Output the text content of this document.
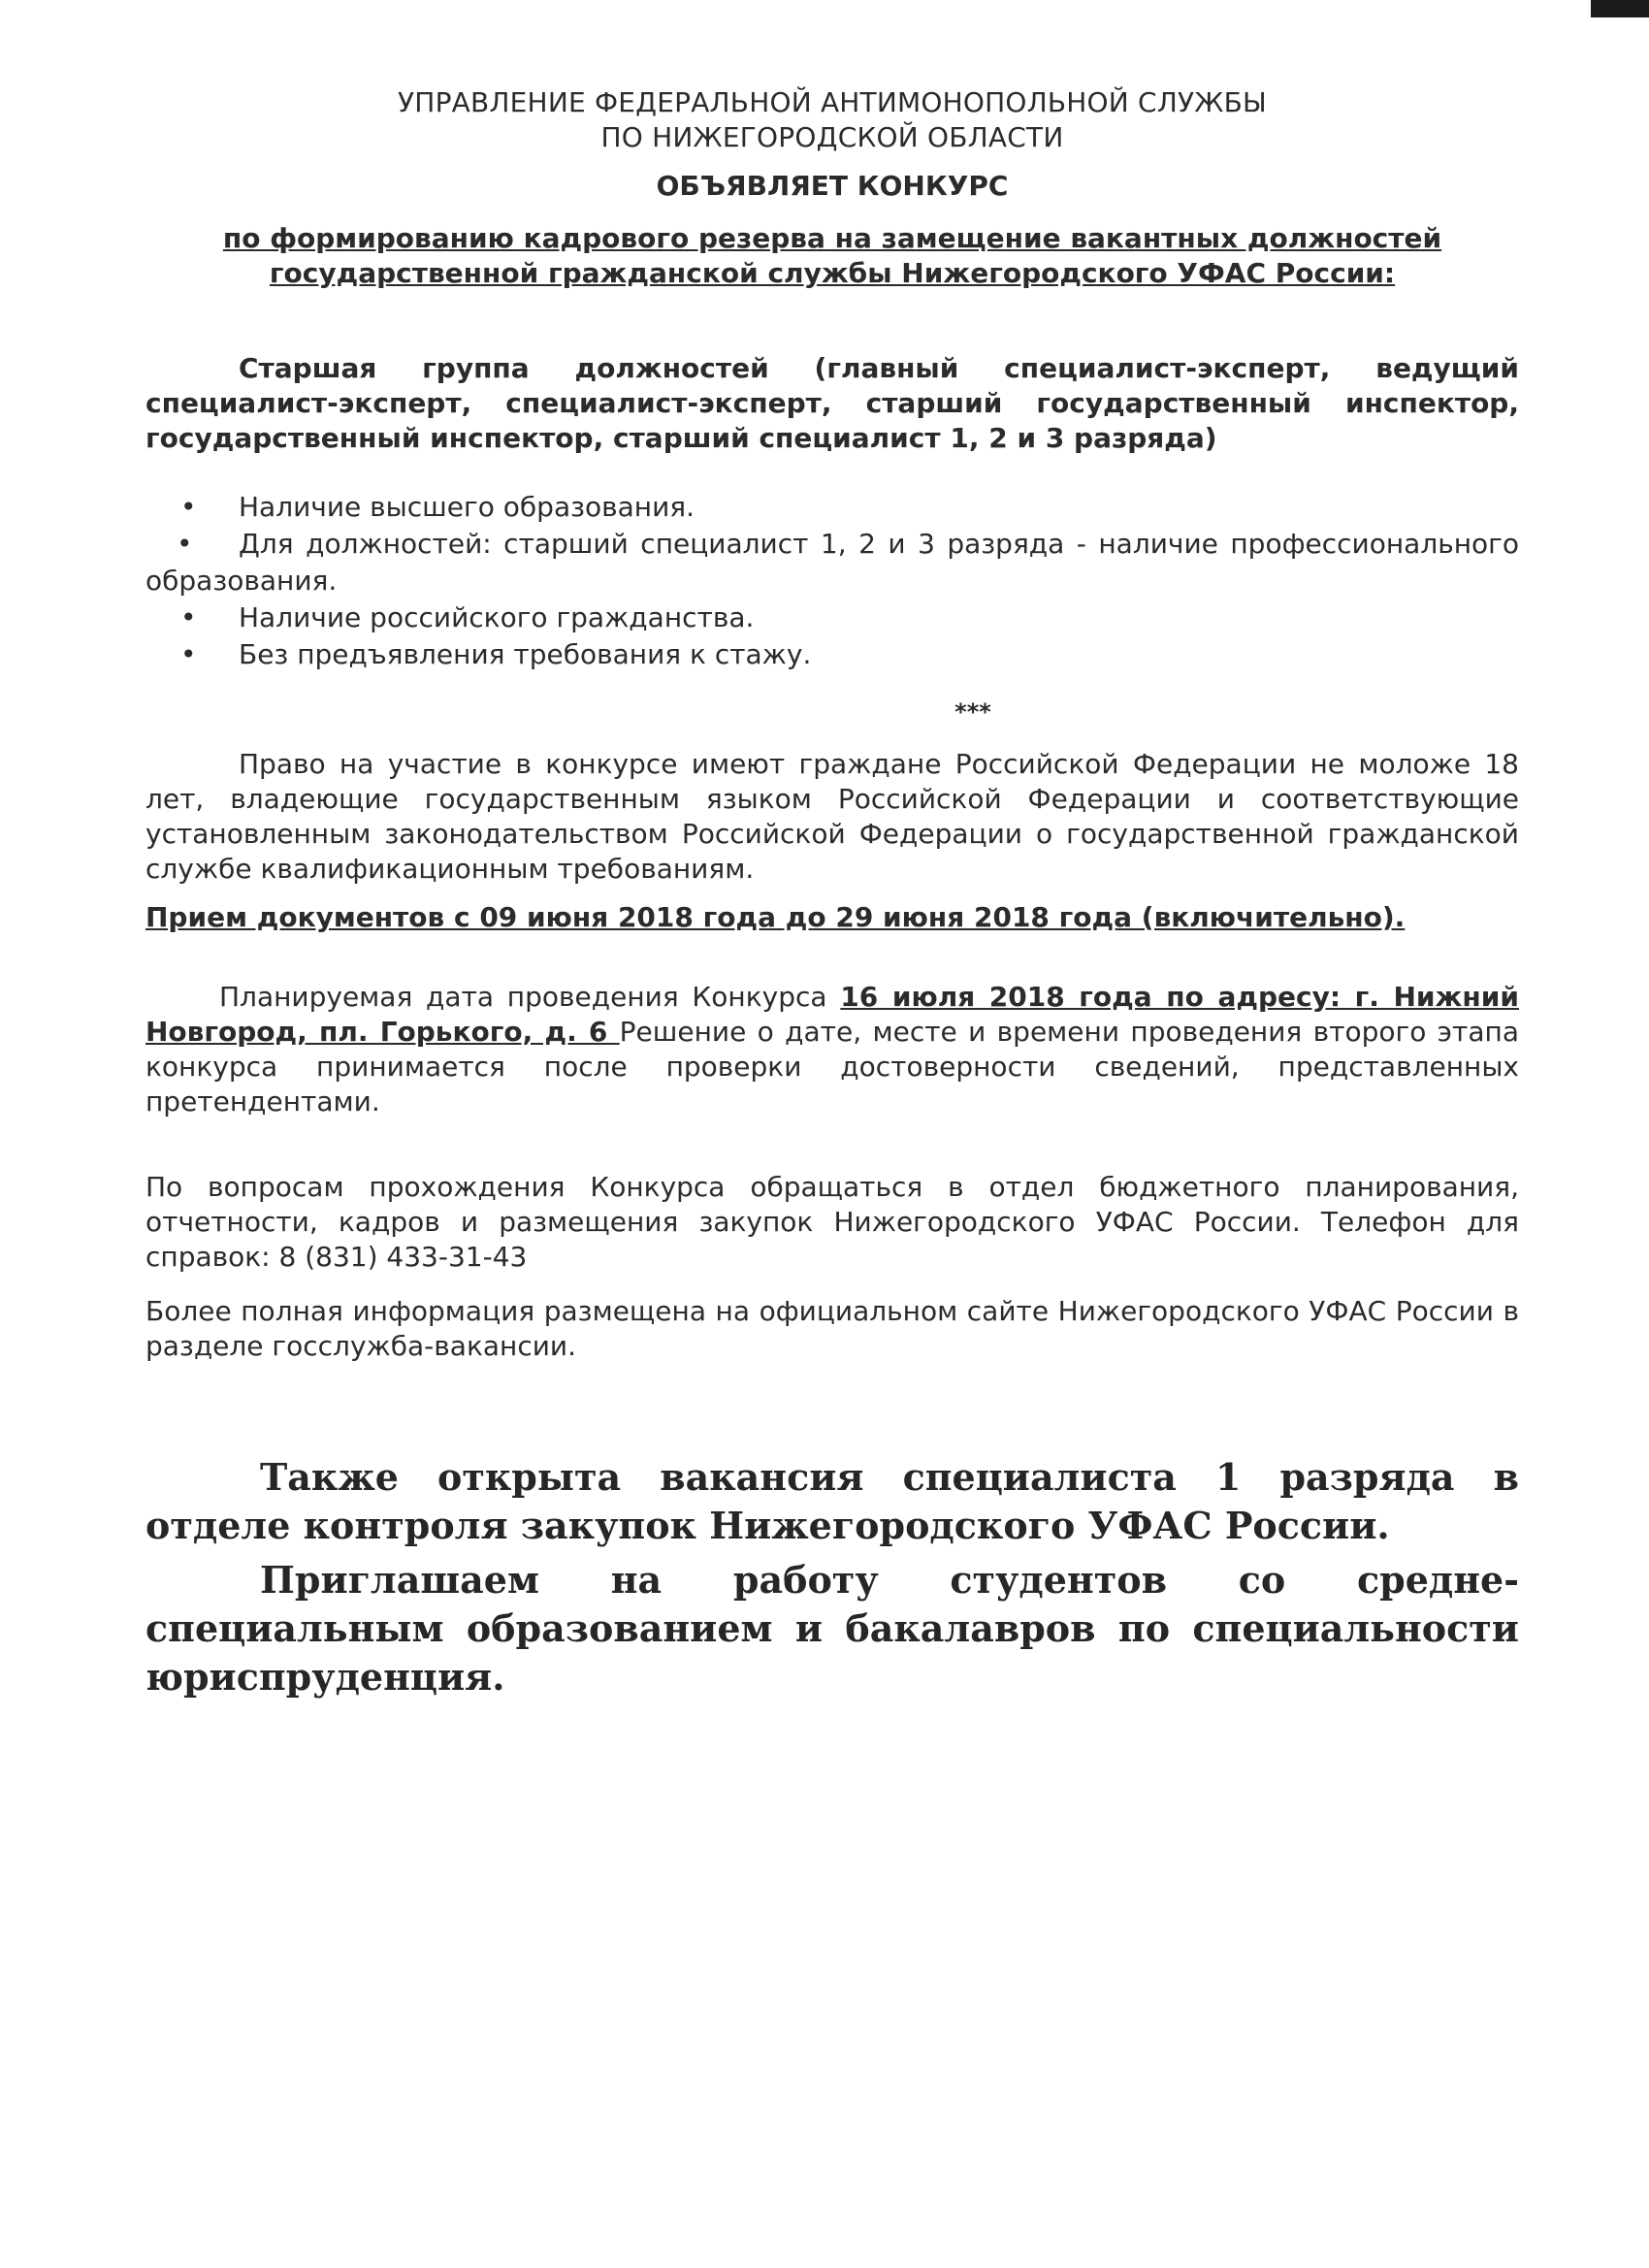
УПРАВЛЕНИЕ ФЕДЕРАЛЬНОЙ АНТИМОНОПОЛЬНОЙ СЛУЖБЫ
ПО НИЖЕГОРОДСКОЙ ОБЛАСТИ
ОБЪЯВЛЯЕТ КОНКУРС
по формированию кадрового резерва на замещение вакантных должностей
государственной гражданской службы Нижегородского УФАС России:
Старшая группа должностей (главный специалист-эксперт, ведущий специалист-эксперт, специалист-эксперт, старший государственный инспектор, государственный инспектор, старший специалист 1, 2 и 3 разряда)
• Наличие высшего образования.
•	Для должностей: старший специалист 1, 2 и 3 разряда - наличие профессионального образования.
• Наличие российского гражданства.
• Без предъявления требования к стажу.
***
Право на участие в конкурсе имеют граждане Российской Федерации не моложе 18 лет, владеющие государственным языком Российской Федерации и соответствующие установленным законодательством Российской Федерации о государственной гражданской службе квалификационным требованиям.
Прием документов с 09 июня 2018 года до 29 июня 2018 года (включительно).
Планируемая дата проведения Конкурса 16 июля 2018 года по адресу: г. Нижний Новгород, пл. Горького, д. 6 Решение о дате, месте и времени проведения второго этапа конкурса принимается после проверки достоверности сведений, представленных претендентами.
По вопросам прохождения Конкурса обращаться в отдел бюджетного планирования, отчетности, кадров и размещения закупок Нижегородского УФАС России. Телефон для справок: 8 (831) 433-31-43
Более полная информация размещена на официальном сайте Нижегородского УФАС России в разделе госслужба-вакансии.
Также открыта вакансия специалиста 1 разряда в отделе контроля закупок Нижегородского УФАС России.
Приглашаем на работу студентов со средне-специальным образованием и бакалавров по специальности юриспруденция.
